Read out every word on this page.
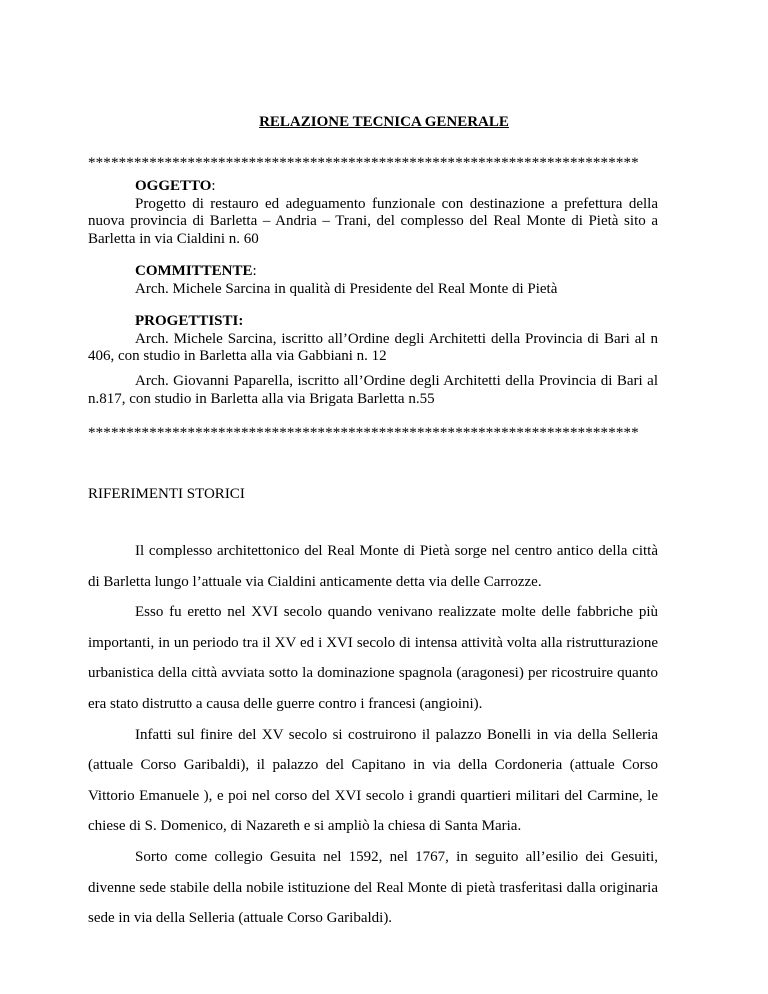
RELAZIONE TECNICA GENERALE
************************************************************************
OGGETTO:

Progetto di restauro ed adeguamento funzionale con destinazione a prefettura della nuova provincia di Barletta – Andria – Trani, del complesso del Real Monte di Pietà sito a Barletta in via Cialdini n. 60

COMMITTENTE:

Arch. Michele Sarcina in qualità di Presidente del Real Monte di Pietà

PROGETTISTI:

Arch. Michele Sarcina, iscritto all’Ordine degli Architetti della Provincia di Bari al n 406, con studio in Barletta alla via Gabbiani n. 12

Arch. Giovanni Paparella, iscritto all’Ordine degli Architetti della Provincia di Bari al n.817, con studio in Barletta alla via Brigata Barletta n.55

************************************************************************
RIFERIMENTI STORICI

Il complesso architettonico del Real Monte di Pietà sorge nel centro antico della città di Barletta lungo l’attuale via Cialdini anticamente detta via delle Carrozze.

Esso fu eretto nel XVI secolo quando venivano realizzate molte delle fabbriche più importanti, in un periodo tra il XV ed i XVI secolo di intensa attività volta alla ristrutturazione urbanistica della città avviata sotto la dominazione spagnola (aragonesi) per ricostruire quanto era stato distrutto a causa delle guerre contro i francesi (angioini).

Infatti sul finire del XV secolo si costruirono il palazzo Bonelli in via della Selleria (attuale Corso Garibaldi), il palazzo del Capitano in via della Cordoneria (attuale Corso Vittorio Emanuele ), e poi nel corso del XVI secolo i grandi quartieri militari del Carmine, le chiese di S. Domenico, di Nazareth e si ampliò la chiesa di Santa Maria.

Sorto come collegio Gesuita nel 1592, nel 1767, in seguito all’esilio dei Gesuiti, divenne sede stabile della nobile istituzione del Real Monte di pietà trasferitasi dalla originaria sede in via della Selleria (attuale Corso Garibaldi).
